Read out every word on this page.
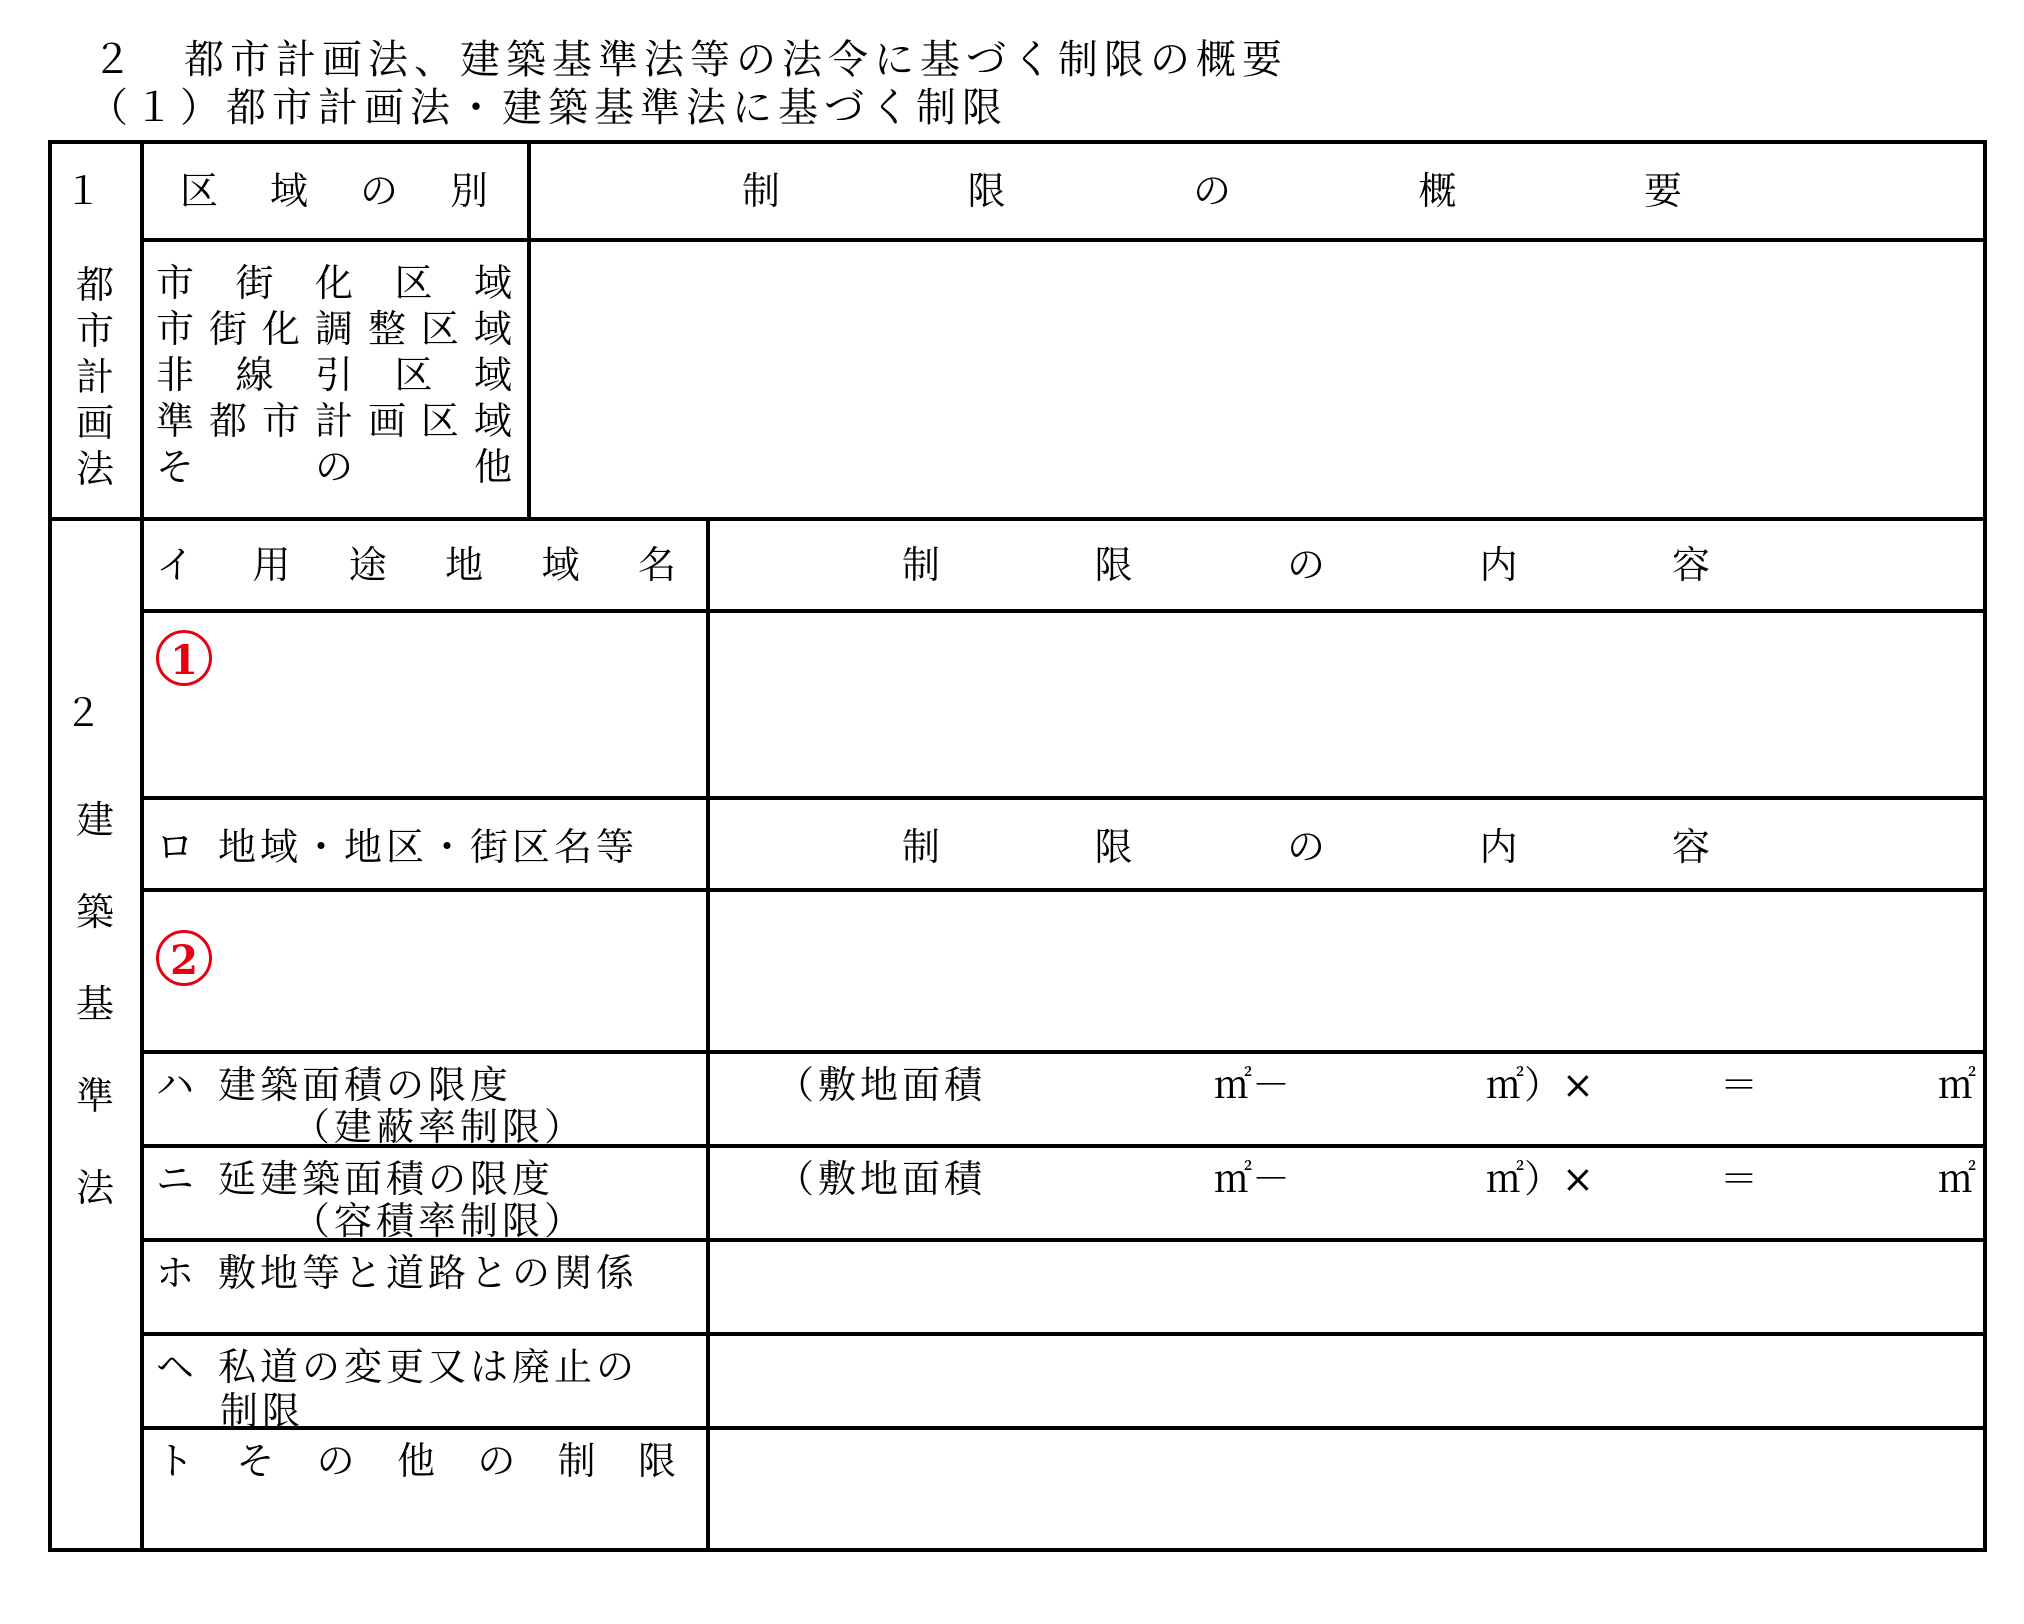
２　都市計画法、建築基準法等の法令に基づく制限の概要
（１）都市計画法・建築基準法に基づく制限
１
都
市
計
画
法
区 域 の 別	制	限	の	概	要
市 街 化 区 域
市 街 化 調 整 区 域
非 線 引 区 域
準 都 市 計 画 区 域
そ	の	他
２
建
築
基
準
法
イ 用 途 地 域 名	制	限	の	内	容
1
ロ 地域・地区・街区名等	制	限	の	内	容
2
ハ 建築面積の限度
（建蔽率制限）
（敷地面積	㎡－	㎡）×	＝	㎡
ニ 延建築面積の限度
（容積率制限）
（敷地面積	㎡－	㎡）×	＝	㎡
ホ 敷地等と道路との関係
ヘ 私道の変更又は廃止の
制限
ト そ の 他 の 制 限
